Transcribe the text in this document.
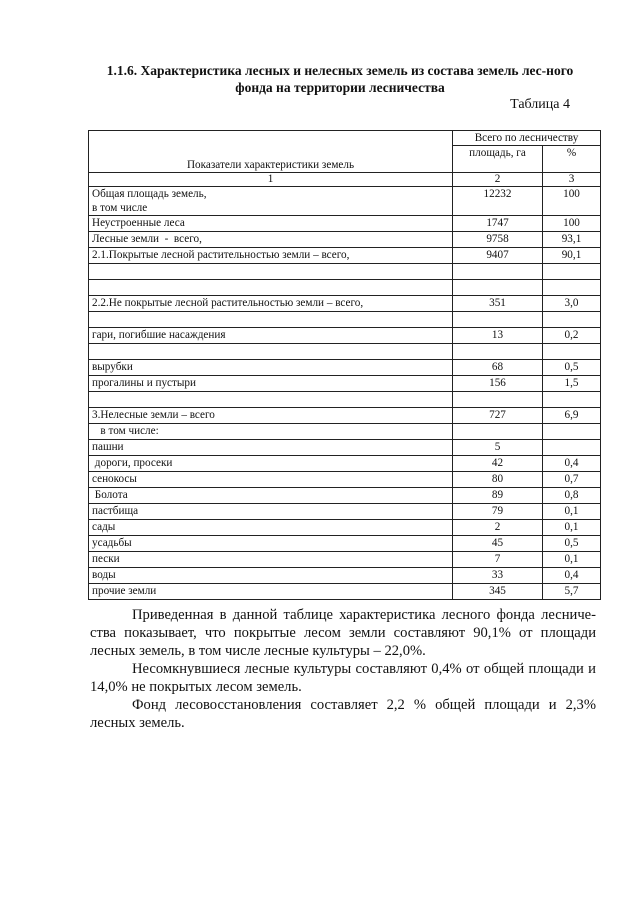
1.1.6. Характеристика лесных и нелесных земель из состава земель лес-ного фонда на территории лесничества
Таблица 4
Показатели характеристики земель	Всего по лесничеству	
	площадь, га	%
1	2	3

Общая площадь земель,
в том числе	12232	100
Неустроенные леса	1747	100
Лесные земли  -  всего,	9758	93,1
2.1.Покрытые лесной растительностью земли – всего,	9407	90,1

2.2.Не покрытые лесной растительностью земли – всего,	351	3,0

гари, погибшие насаждения	13	0,2

вырубки	68	0,5
прогалины и пустыри	156	1,5

3.Нелесные земли – всего	727	6,9
в том числе:		
пашни	5	
дороги, просеки	42	0,4
сенокосы	80	0,7
Болота	89	0,8
пастбища	79	0,1
сады	2	0,1
усадьбы	45	0,5
пески	7	0,1
воды	33	0,4
прочие земли	345	5,7

Приведенная в данной таблице характеристика лесного фонда лесниче-ства показывает, что покрытые лесом земли составляют 90,1% от площади лесных земель, в том числе лесные культуры – 22,0%.

Несомкнувшиеся лесные культуры составляют 0,4% от общей площади и 14,0% не покрытых лесом земель.

Фонд лесовосстановления составляет 2,2 % общей площади и 2,3% лесных земель.
